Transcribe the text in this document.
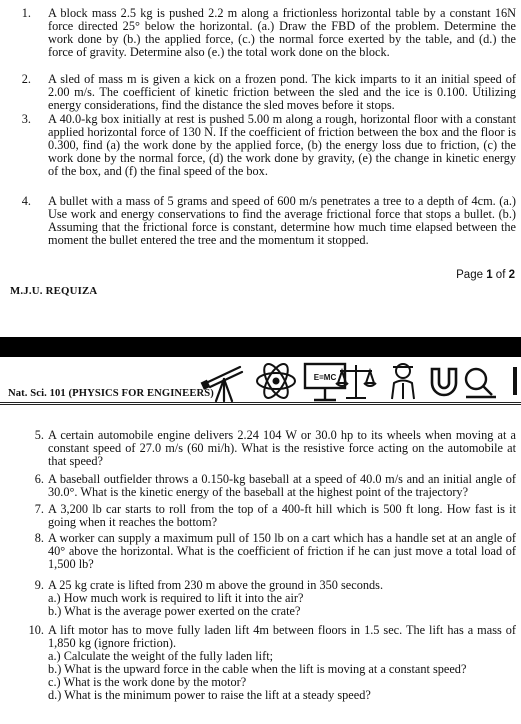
1. A block mass 2.5 kg is pushed 2.2 m along a frictionless horizontal table by a constant 16N force directed 25° below the horizontal. (a.) Draw the FBD of the problem. Determine the work done by (b.) the applied force, (c.) the normal force exerted by the table, and (d.) the force of gravity. Determine also (e.) the total work done on the block.
2. A sled of mass m is given a kick on a frozen pond. The kick imparts to it an initial speed of 2.00 m/s. The coefficient of kinetic friction between the sled and the ice is 0.100. Utilizing energy considerations, find the distance the sled moves before it stops.
3. A 40.0-kg box initially at rest is pushed 5.00 m along a rough, horizontal floor with a constant applied horizontal force of 130 N. If the coefficient of friction between the box and the floor is 0.300, find (a) the work done by the applied force, (b) the energy loss due to friction, (c) the work done by the normal force, (d) the work done by gravity, (e) the change in kinetic energy of the box, and (f) the final speed of the box.
4. A bullet with a mass of 5 grams and speed of 600 m/s penetrates a tree to a depth of 4cm. (a.) Use work and energy conservations to find the average frictional force that stops a bullet. (b.) Assuming that the frictional force is constant, determine how much time elapsed between the moment the bullet entered the tree and the momentum it stopped.
Page 1 of 2
M.J.U. REQUIZA
E=MC
Nat. Sci. 101 (PHYSICS FOR ENGINEERS)
5. A certain automobile engine delivers 2.24 104 W or 30.0 hp to its wheels when moving at a constant speed of 27.0 m/s (60 mi/h). What is the resistive force acting on the automobile at that speed?
6. A baseball outfielder throws a 0.150-kg baseball at a speed of 40.0 m/s and an initial angle of 30.0°. What is the kinetic energy of the baseball at the highest point of the trajectory?
7. A 3,200 lb car starts to roll from the top of a 400-ft hill which is 500 ft long. How fast is it going when it reaches the bottom?
8. A worker can supply a maximum pull of 150 lb on a cart which has a handle set at an angle of 40° above the horizontal. What is the coefficient of friction if he can just move a total load of 1,500 lb?
9. A 25 kg crate is lifted from 230 m above the ground in 350 seconds.
a.) How much work is required to lift it into the air?
b.) What is the average power exerted on the crate?
10. A lift motor has to move fully laden lift 4m between floors in 1.5 sec. The lift has a mass of 1,850 kg (ignore friction).
a.) Calculate the weight of the fully laden lift;
b.) What is the upward force in the cable when the lift is moving at a constant speed?
c.) What is the work done by the motor?
d.) What is the minimum power to raise the lift at a steady speed?
